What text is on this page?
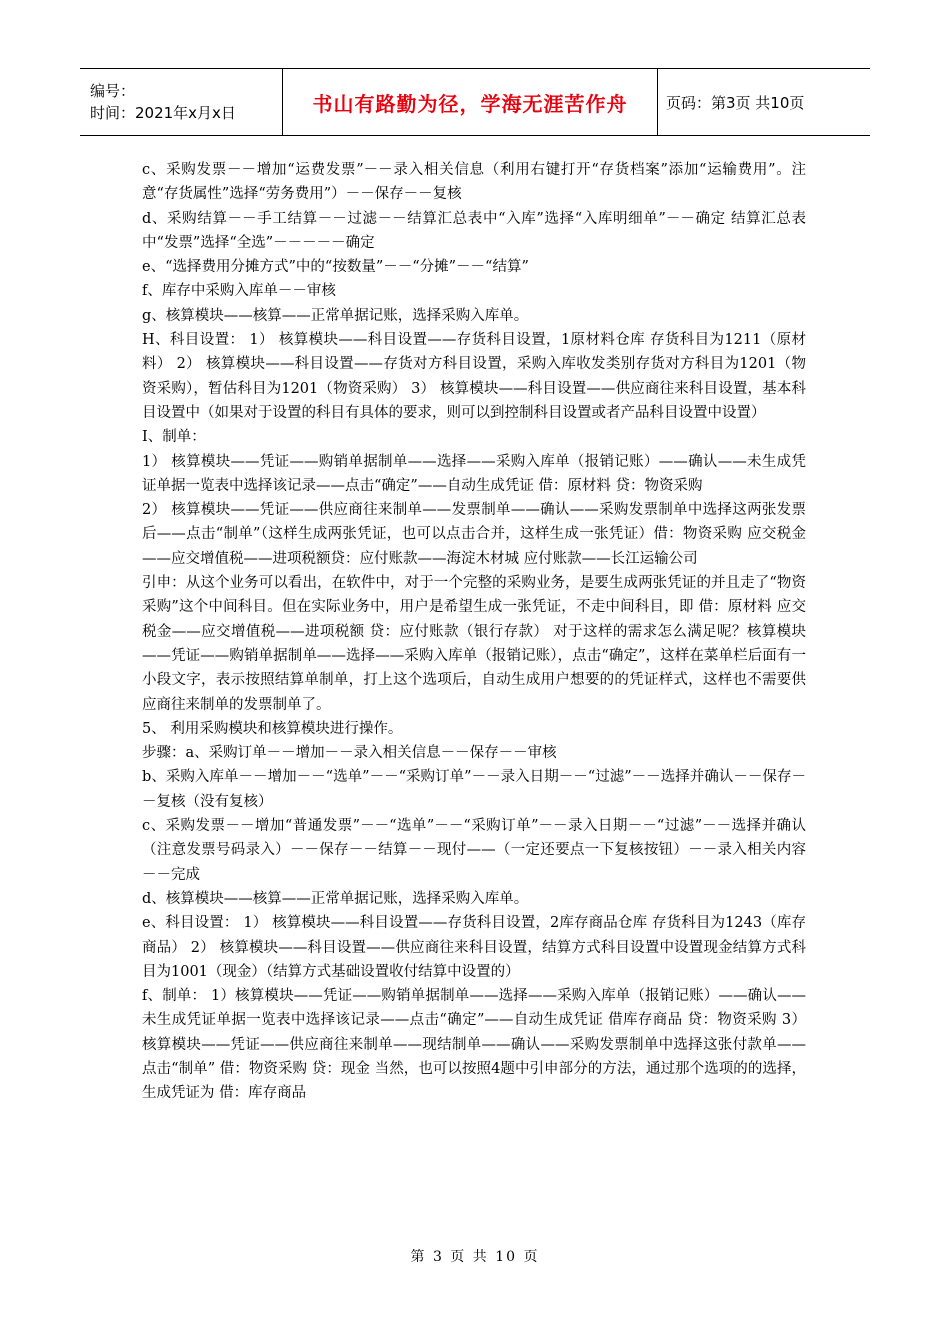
编号：
时间：2021年x月x日	书山有路勤为径，学海无涯苦作舟	页码：第3页 共10页

c、采购发票－－增加“运费发票”－－录入相关信息（利用右键打开“存货档案”添加“运输费用”。注意“存货属性”选择“劳务费用”）－－保存－－复核

d、采购结算－－手工结算－－过滤－－结算汇总表中“入库”选择“入库明细单”－－确定 结算汇总表中“发票”选择“全选”－－－－－确定

e、“选择费用分摊方式”中的“按数量”－－“分摊”－－“结算”

f、库存中采购入库单－－审核

g、核算模块——核算——正常单据记账，选择采购入库单。

H、科目设置： 1） 核算模块——科目设置——存货科目设置，1原材料仓库 存货科目为1211（原材料） 2） 核算模块——科目设置——存货对方科目设置，采购入库收发类别存货对方科目为1201（物资采购），暂估科目为1201（物资采购） 3） 核算模块——科目设置——供应商往来科目设置，基本科目设置中（如果对于设置的科目有具体的要求，则可以到控制科目设置或者产品科目设置中设置）

I、制单：

1） 核算模块——凭证——购销单据制单——选择——采购入库单（报销记账）——确认——未生成凭证单据一览表中选择该记录——点击“确定”——自动生成凭证 借：原材料 贷：物资采购

2） 核算模块——凭证——供应商往来制单——发票制单——确认——采购发票制单中选择这两张发票后——点击“制单”（这样生成两张凭证，也可以点击合并，这样生成一张凭证）借：物资采购 应交税金——应交增值税——进项税额贷：应付账款——海淀木材城 应付账款——长江运输公司

引申：从这个业务可以看出，在软件中，对于一个完整的采购业务，是要生成两张凭证的并且走了“物资采购”这个中间科目。但在实际业务中，用户是希望生成一张凭证，不走中间科目，即 借：原材料 应交税金——应交增值税——进项税额 贷：应付账款（银行存款） 对于这样的需求怎么满足呢？核算模块——凭证——购销单据制单——选择——采购入库单（报销记账），点击“确定”，这样在菜单栏后面有一小段文字，表示按照结算单制单，打上这个选项后，自动生成用户想要的的凭证样式，这样也不需要供应商往来制单的发票制单了。

5、 利用采购模块和核算模块进行操作。

步骤：a、采购订单－－增加－－录入相关信息－－保存－－审核

b、采购入库单－－增加－－“选单”－－“采购订单”－－录入日期－－“过滤”－－选择并确认－－保存－－复核（没有复核）

c、采购发票－－增加“普通发票”－－“选单”－－“采购订单”－－录入日期－－“过滤”－－选择并确认（注意发票号码录入）－－保存－－结算－－现付——（一定还要点一下复核按钮）－－录入相关内容－－完成

d、核算模块——核算——正常单据记账，选择采购入库单。

e、科目设置： 1） 核算模块——科目设置——存货科目设置，2库存商品仓库 存货科目为1243（库存商品） 2） 核算模块——科目设置——供应商往来科目设置，结算方式科目设置中设置现金结算方式科目为1001（现金）（结算方式基础设置收付结算中设置的）

f、制单： 1）核算模块——凭证——购销单据制单——选择——采购入库单（报销记账）——确认——未生成凭证单据一览表中选择该记录——点击“确定”——自动生成凭证 借库存商品 贷：物资采购 3） 核算模块——凭证——供应商往来制单——现结制单——确认——采购发票制单中选择这张付款单——点击“制单” 借：物资采购 贷：现金 当然，也可以按照4题中引申部分的方法，通过那个选项的的选择，生成凭证为 借：库存商品

第 3 页 共 10 页
